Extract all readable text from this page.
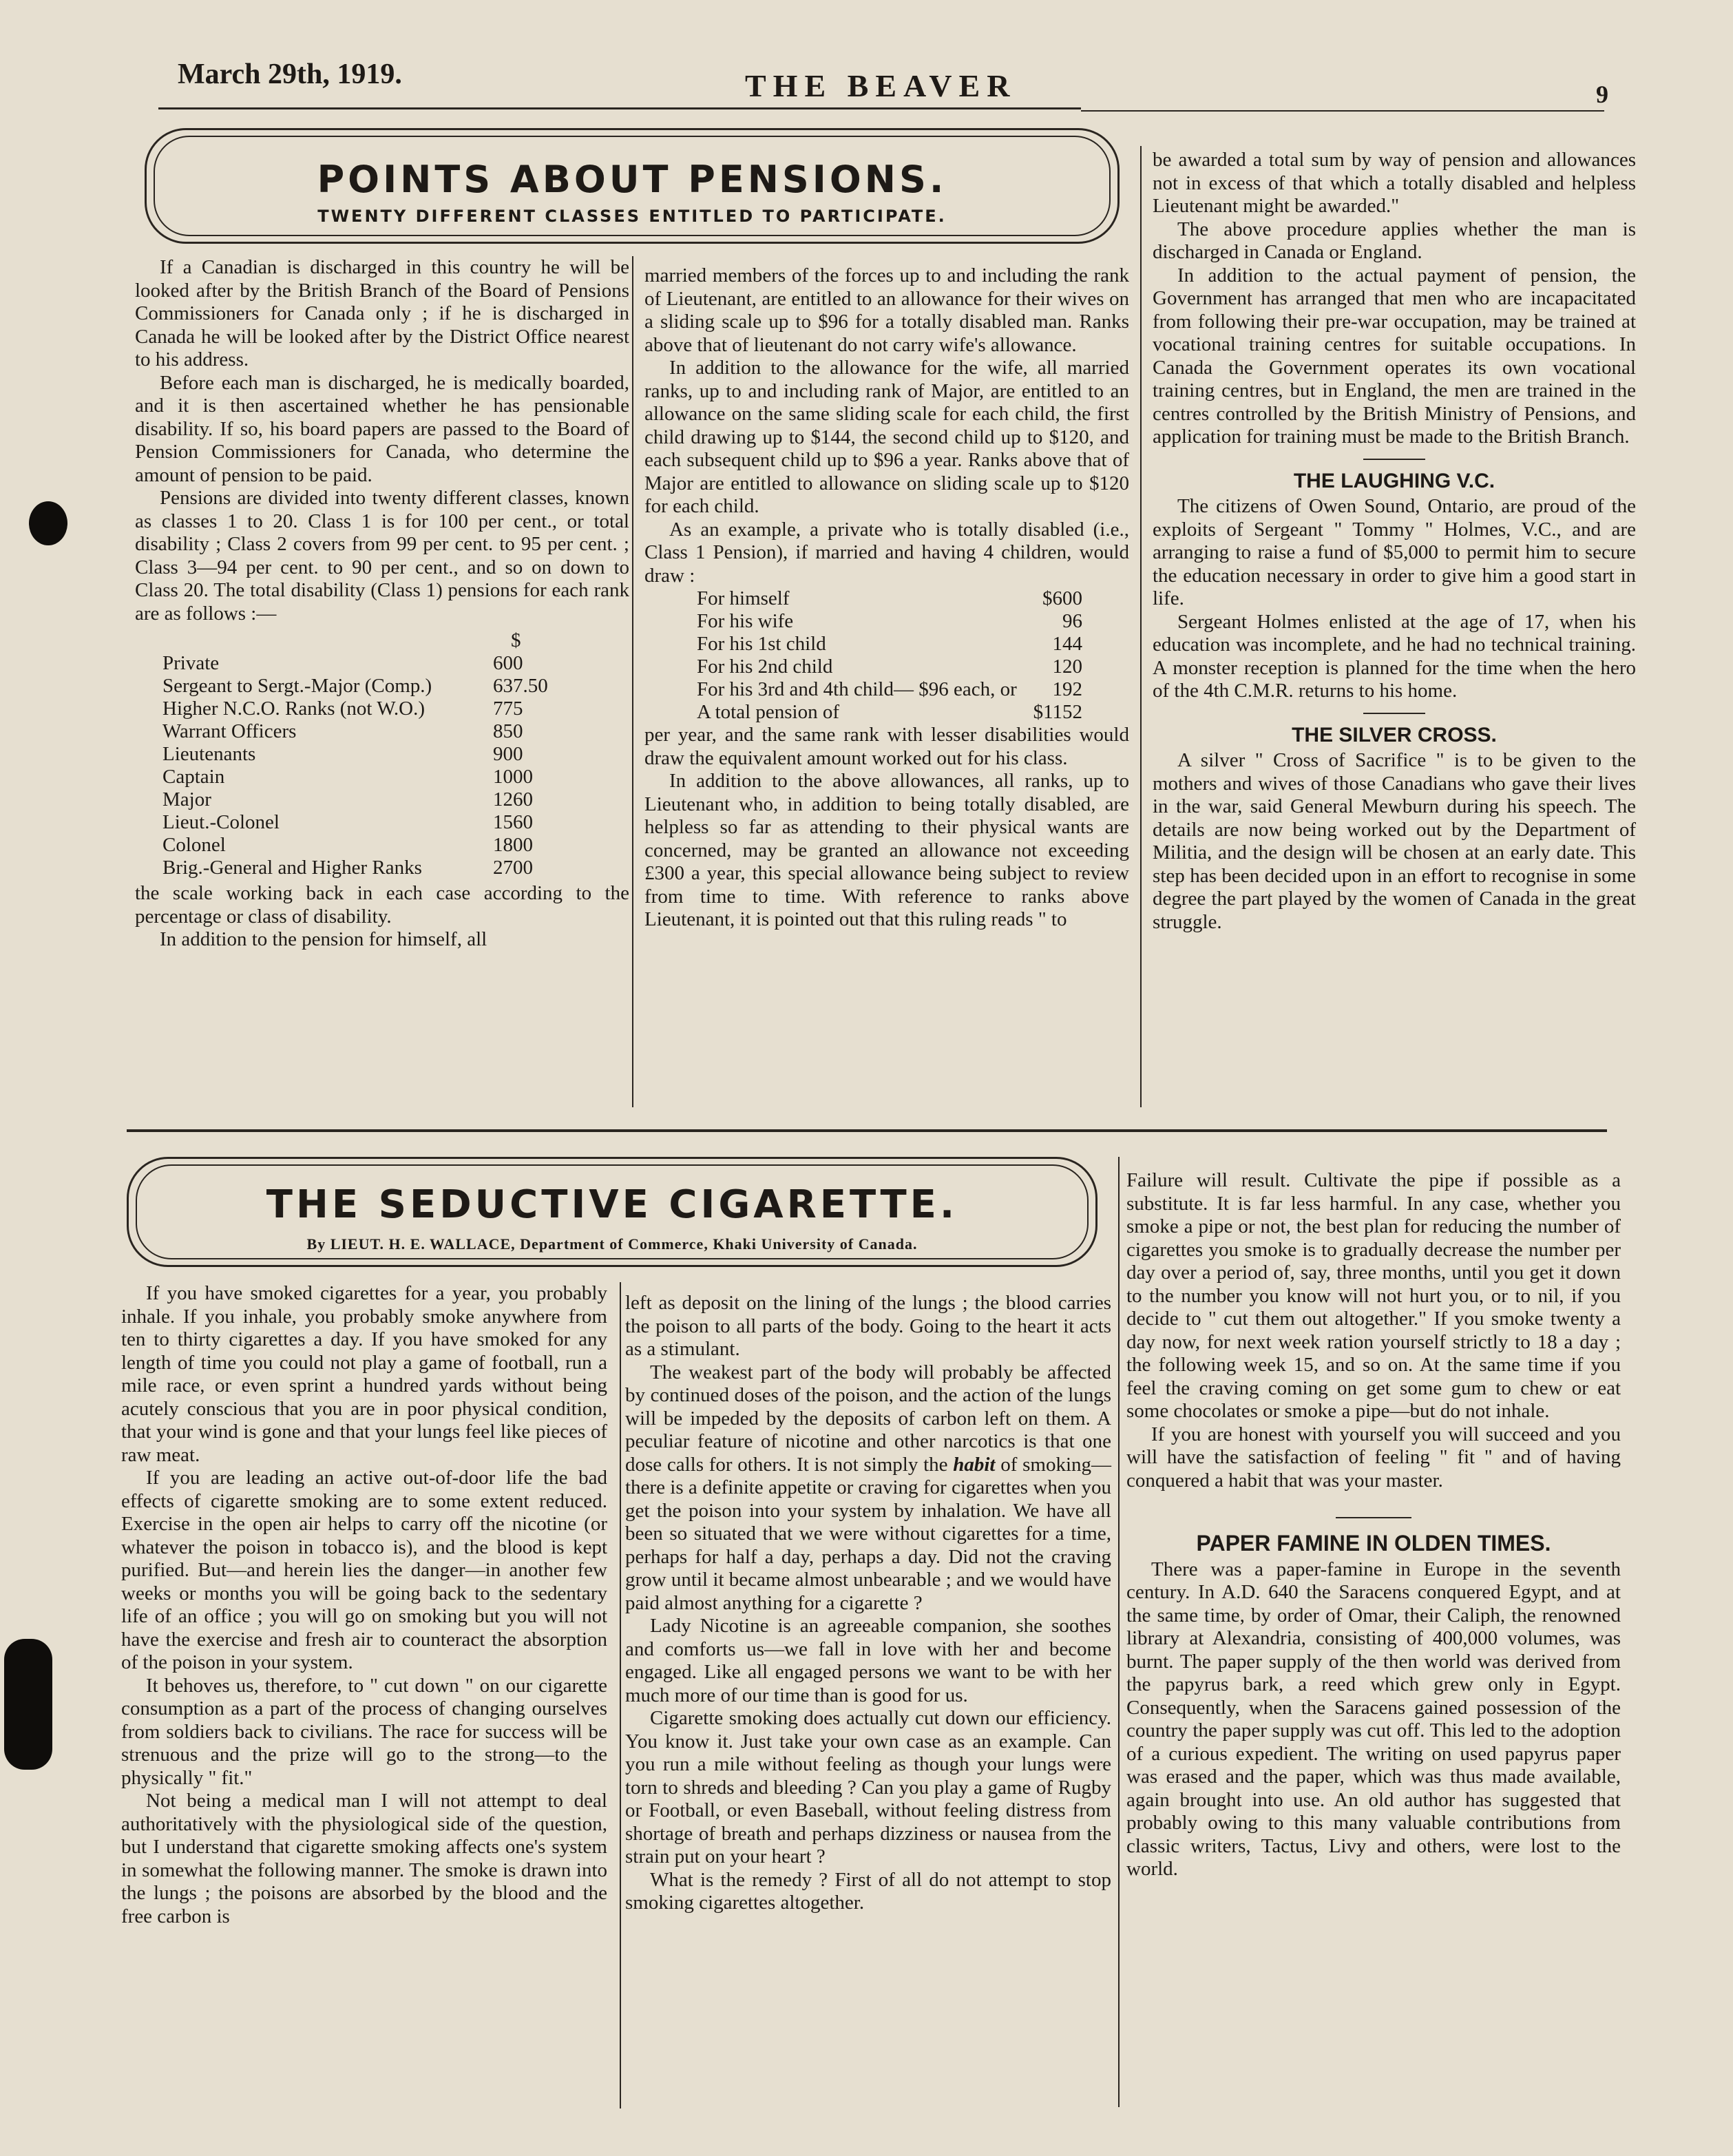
March 29th, 1919.	THE BEAVER	9
POINTS ABOUT PENSIONS.
TWENTY DIFFERENT CLASSES ENTITLED TO PARTICIPATE.

If a Canadian is discharged in this country he will be looked after by the British Branch of the Board of Pensions Commissioners for Canada only ; if he is discharged in Canada he will be looked after by the District Office nearest to his address.

Before each man is discharged, he is medically boarded, and it is then ascertained whether he has pensionable disability. If so, his board papers are passed to the Board of Pension Commissioners for Canada, who determine the amount of pension to be paid.

Pensions are divided into twenty different classes, known as classes 1 to 20. Class 1 is for 100 per cent., or total disability ; Class 2 covers from 99 per cent. to 95 per cent. ; Class 3—94 per cent. to 90 per cent., and so on down to Class 20. The total disability (Class 1) pensions for each rank are as follows :—

	$
Private	600
Sergeant to Sergt.-Major (Comp.)	637.50
Higher N.C.O. Ranks (not W.O.)	775
Warrant Officers	850
Lieutenants	900
Captain	1000
Major	1260
Lieut.-Colonel	1560
Colonel	1800
Brig.-General and Higher Ranks	2700

the scale working back in each case according to the percentage or class of disability.

In addition to the pension for himself, all

married members of the forces up to and including the rank of Lieutenant, are entitled to an allowance for their wives on a sliding scale up to $96 for a totally disabled man. Ranks above that of lieutenant do not carry wife's allowance.

In addition to the allowance for the wife, all married ranks, up to and including rank of Major, are entitled to an allowance on the same sliding scale for each child, the first child drawing up to $144, the second child up to $120, and each subsequent child up to $96 a year. Ranks above that of Major are entitled to allowance on sliding scale up to $120 for each child.

As an example, a private who is totally disabled (i.e., Class 1 Pension), if married and having 4 children, would draw :

For himself	$600
For his wife	96
For his 1st child	144
For his 2nd child	120
For his 3rd and 4th child— $96 each, or	192
A total pension of	$1152

per year, and the same rank with lesser disabilities would draw the equivalent amount worked out for his class.

In addition to the above allowances, all ranks, up to Lieutenant who, in addition to being totally disabled, are helpless so far as attending to their physical wants are concerned, may be granted an allowance not exceeding £300 a year, this special allowance being subject to review from time to time. With reference to ranks above Lieutenant, it is pointed out that this ruling reads " to

be awarded a total sum by way of pension and allowances not in excess of that which a totally disabled and helpless Lieutenant might be awarded."

The above procedure applies whether the man is discharged in Canada or England.

In addition to the actual payment of pension, the Government has arranged that men who are incapacitated from following their pre-war occupation, may be trained at vocational training centres for suitable occupations. In Canada the Government operates its own vocational training centres, but in England, the men are trained in the centres controlled by the British Ministry of Pensions, and application for training must be made to the British Branch.

THE LAUGHING V.C.

The citizens of Owen Sound, Ontario, are proud of the exploits of Sergeant " Tommy " Holmes, V.C., and are arranging to raise a fund of $5,000 to permit him to secure the education necessary in order to give him a good start in life.

Sergeant Holmes enlisted at the age of 17, when his education was incomplete, and he had no technical training. A monster reception is planned for the time when the hero of the 4th C.M.R. returns to his home.

THE SILVER CROSS.

A silver " Cross of Sacrifice " is to be given to the mothers and wives of those Canadians who gave their lives in the war, said General Mewburn during his speech. The details are now being worked out by the Department of Militia, and the design will be chosen at an early date. This step has been decided upon in an effort to recognise in some degree the part played by the women of Canada in the great struggle.

THE SEDUCTIVE CIGARETTE.
By LIEUT. H. E. WALLACE, Department of Commerce, Khaki University of Canada.

If you have smoked cigarettes for a year, you probably inhale. If you inhale, you probably smoke anywhere from ten to thirty cigarettes a day. If you have smoked for any length of time you could not play a game of football, run a mile race, or even sprint a hundred yards without being acutely conscious that you are in poor physical condition, that your wind is gone and that your lungs feel like pieces of raw meat.

If you are leading an active out-of-door life the bad effects of cigarette smoking are to some extent reduced. Exercise in the open air helps to carry off the nicotine (or whatever the poison in tobacco is), and the blood is kept purified. But—and herein lies the danger—in another few weeks or months you will be going back to the sedentary life of an office ; you will go on smoking but you will not have the exercise and fresh air to counteract the absorption of the poison in your system.

It behoves us, therefore, to " cut down " on our cigarette consumption as a part of the process of changing ourselves from soldiers back to civilians. The race for success will be strenuous and the prize will go to the strong—to the physically " fit."

Not being a medical man I will not attempt to deal authoritatively with the physiological side of the question, but I understand that cigarette smoking affects one's system in somewhat the following manner. The smoke is drawn into the lungs ; the poisons are absorbed by the blood and the free carbon is

left as deposit on the lining of the lungs ; the blood carries the poison to all parts of the body. Going to the heart it acts as a stimulant.

The weakest part of the body will probably be affected by continued doses of the poison, and the action of the lungs will be impeded by the deposits of carbon left on them. A peculiar feature of nicotine and other narcotics is that one dose calls for others. It is not simply the habit of smoking—there is a definite appetite or craving for cigarettes when you get the poison into your system by inhalation. We have all been so situated that we were without cigarettes for a time, perhaps for half a day, perhaps a day. Did not the craving grow until it became almost unbearable ; and we would have paid almost anything for a cigarette ?

Lady Nicotine is an agreeable companion, she soothes and comforts us—we fall in love with her and become engaged. Like all engaged persons we want to be with her much more of our time than is good for us.

Cigarette smoking does actually cut down our efficiency. You know it. Just take your own case as an example. Can you run a mile without feeling as though your lungs were torn to shreds and bleeding ? Can you play a game of Rugby or Football, or even Baseball, without feeling distress from shortage of breath and perhaps dizziness or nausea from the strain put on your heart ?

What is the remedy ? First of all do not attempt to stop smoking cigarettes altogether.

Failure will result. Cultivate the pipe if possible as a substitute. It is far less harmful. In any case, whether you smoke a pipe or not, the best plan for reducing the number of cigarettes you smoke is to gradually decrease the number per day over a period of, say, three months, until you get it down to the number you know will not hurt you, or to nil, if you decide to " cut them out altogether." If you smoke twenty a day now, for next week ration yourself strictly to 18 a day ; the following week 15, and so on. At the same time if you feel the craving coming on get some gum to chew or eat some chocolates or smoke a pipe—but do not inhale.

If you are honest with yourself you will succeed and you will have the satisfaction of feeling " fit " and of having conquered a habit that was your master.

PAPER FAMINE IN OLDEN TIMES.

There was a paper-famine in Europe in the seventh century. In A.D. 640 the Saracens conquered Egypt, and at the same time, by order of Omar, their Caliph, the renowned library at Alexandria, consisting of 400,000 volumes, was burnt. The paper supply of the then world was derived from the papyrus bark, a reed which grew only in Egypt. Consequently, when the Saracens gained possession of the country the paper supply was cut off. This led to the adoption of a curious expedient. The writing on used papyrus paper was erased and the paper, which was thus made available, again brought into use. An old author has suggested that probably owing to this many valuable contributions from classic writers, Tactus, Livy and others, were lost to the world.
